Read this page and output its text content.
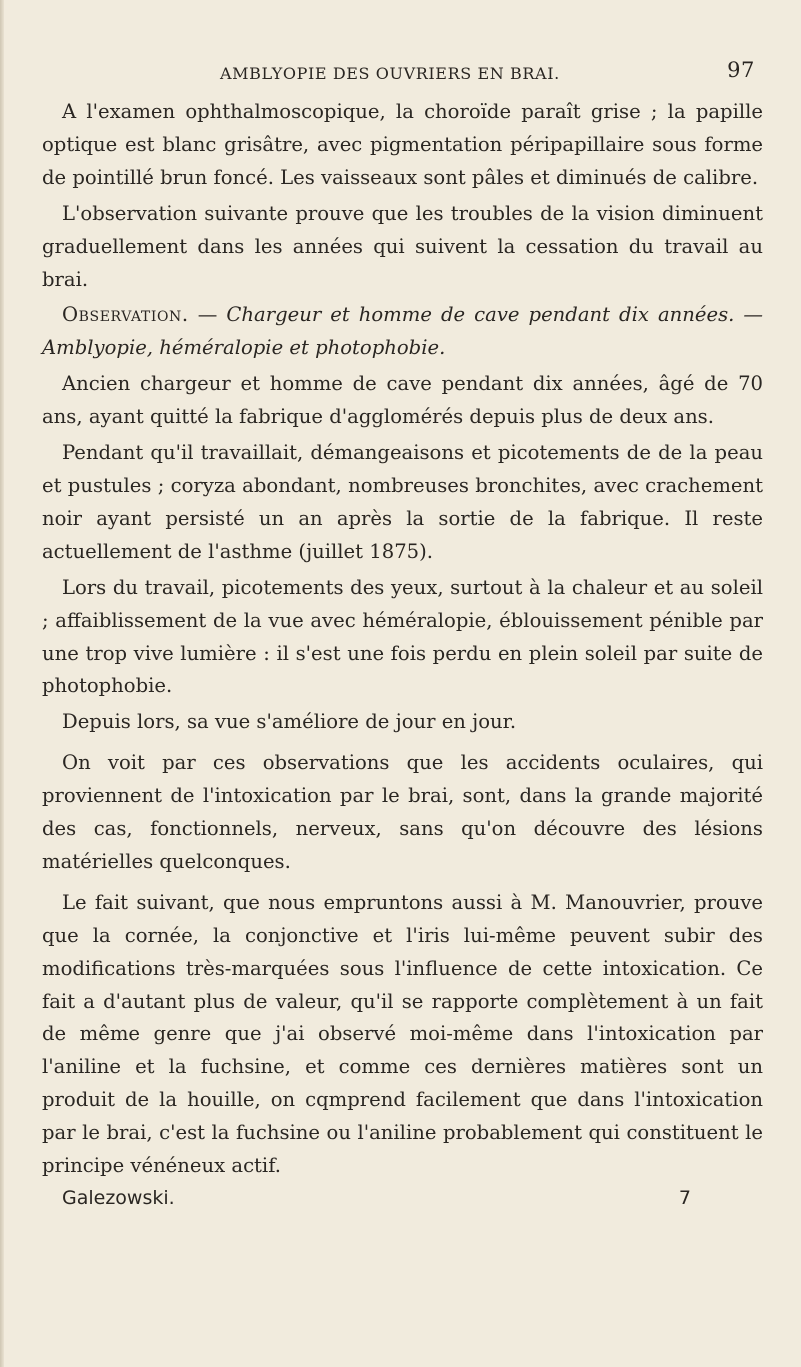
AMBLYOPIE DES OUVRIERS EN BRAI.	97

A l'examen ophthalmoscopique, la choroïde paraît grise ; la papille optique est blanc grisâtre, avec pigmentation péripapillaire sous forme de pointillé brun foncé. Les vaisseaux sont pâles et diminués de calibre.

L'observation suivante prouve que les troubles de la vision diminuent graduellement dans les années qui suivent la cessation du travail au brai.

Observation. — Chargeur et homme de cave pendant dix années. — Amblyopie, héméralopie et photophobie.

Ancien chargeur et homme de cave pendant dix années, âgé de 70 ans, ayant quitté la fabrique d'agglomérés depuis plus de deux ans.

Pendant qu'il travaillait, démangeaisons et picotements de de la peau et pustules ; coryza abondant, nombreuses bronchites, avec crachement noir ayant persisté un an après la sortie de la fabrique. Il reste actuellement de l'asthme (juillet 1875).

Lors du travail, picotements des yeux, surtout à la chaleur et au soleil ; affaiblissement de la vue avec héméralopie, éblouissement pénible par une trop vive lumière : il s'est une fois perdu en plein soleil par suite de photophobie.

Depuis lors, sa vue s'améliore de jour en jour.

On voit par ces observations que les accidents oculaires, qui proviennent de l'intoxication par le brai, sont, dans la grande majorité des cas, fonctionnels, nerveux, sans qu'on découvre des lésions matérielles quelconques.

Le fait suivant, que nous empruntons aussi à M. Manouvrier, prouve que la cornée, la conjonctive et l'iris lui-même peuvent subir des modifications très-marquées sous l'influence de cette intoxication. Ce fait a d'autant plus de valeur, qu'il se rapporte complètement à un fait de même genre que j'ai observé moi-même dans l'intoxication par l'aniline et la fuchsine, et comme ces dernières matières sont un produit de la houille, on cqmprend facilement que dans l'intoxication par le brai, c'est la fuchsine ou l'aniline probablement qui constituent le principe vénéneux actif.

Galezowski.	7
